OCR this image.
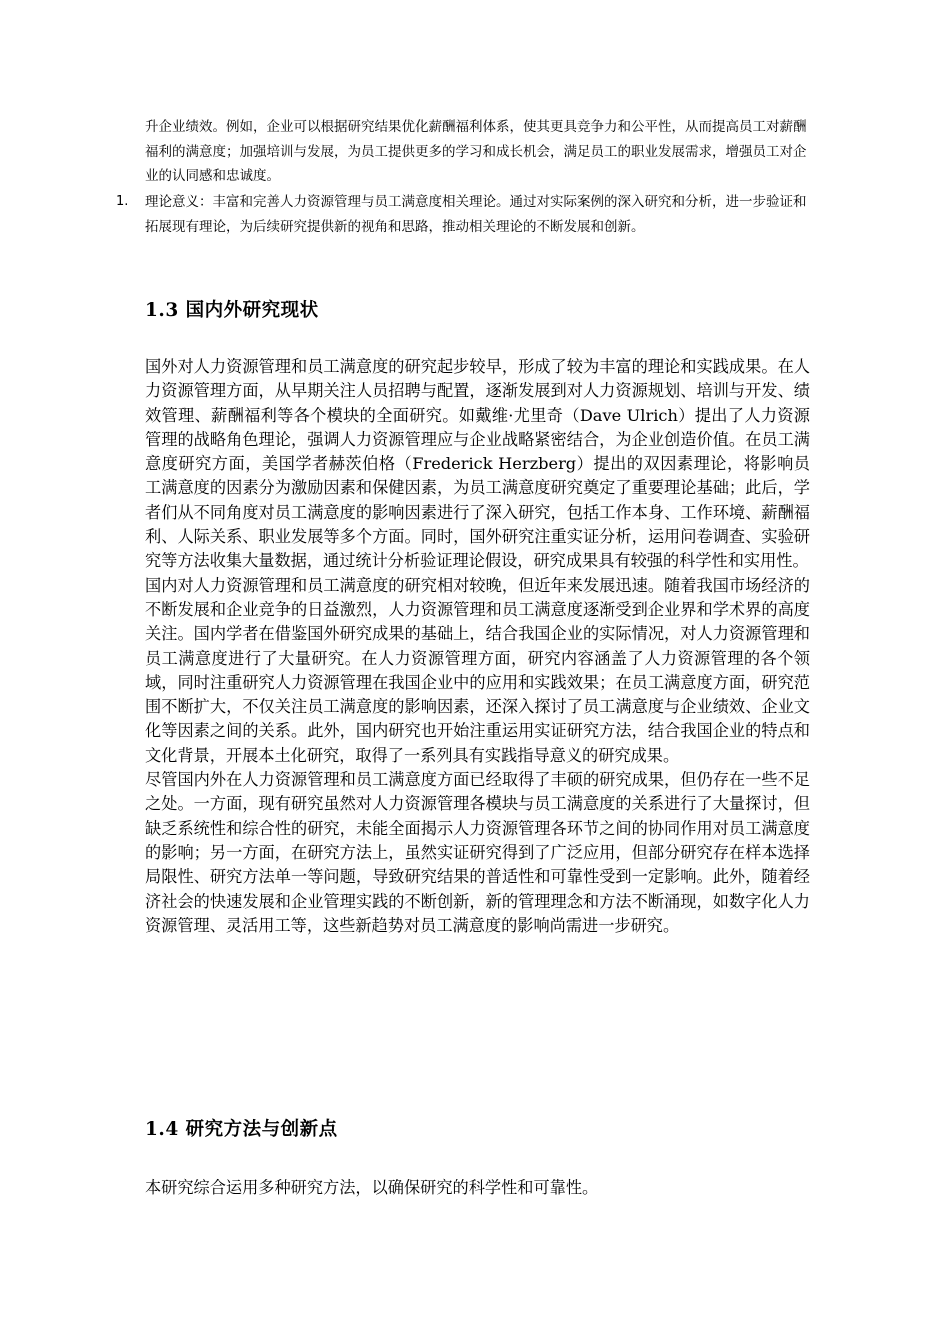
升企业绩效。例如，企业可以根据研究结果优化薪酬福利体系，使其更具竞争力和公平性，从而提高员工对薪酬福利的满意度；加强培训与发展，为员工提供更多的学习和成长机会，满足员工的职业发展需求，增强员工对企业的认同感和忠诚度。

1. 理论意义：丰富和完善人力资源管理与员工满意度相关理论。通过对实际案例的深入研究和分析，进一步验证和拓展现有理论，为后续研究提供新的视角和思路，推动相关理论的不断发展和创新。
1.3 国内外研究现状

国外对人力资源管理和员工满意度的研究起步较早，形成了较为丰富的理论和实践成果。在人力资源管理方面，从早期关注人员招聘与配置，逐渐发展到对人力资源规划、培训与开发、绩效管理、薪酬福利等各个模块的全面研究。如戴维·尤里奇（Dave Ulrich）提出了人力资源管理的战略角色理论，强调人力资源管理应与企业战略紧密结合，为企业创造价值。在员工满意度研究方面，美国学者赫茨伯格（Frederick Herzberg）提出的双因素理论，将影响员工满意度的因素分为激励因素和保健因素，为员工满意度研究奠定了重要理论基础；此后，学者们从不同角度对员工满意度的影响因素进行了深入研究，包括工作本身、工作环境、薪酬福利、人际关系、职业发展等多个方面。同时，国外研究注重实证分析，运用问卷调查、实验研究等方法收集大量数据，通过统计分析验证理论假设，研究成果具有较强的科学性和实用性。

国内对人力资源管理和员工满意度的研究相对较晚，但近年来发展迅速。随着我国市场经济的不断发展和企业竞争的日益激烈，人力资源管理和员工满意度逐渐受到企业界和学术界的高度关注。国内学者在借鉴国外研究成果的基础上，结合我国企业的实际情况，对人力资源管理和员工满意度进行了大量研究。在人力资源管理方面，研究内容涵盖了人力资源管理的各个领域，同时注重研究人力资源管理在我国企业中的应用和实践效果；在员工满意度方面，研究范围不断扩大，不仅关注员工满意度的影响因素，还深入探讨了员工满意度与企业绩效、企业文化等因素之间的关系。此外，国内研究也开始注重运用实证研究方法，结合我国企业的特点和文化背景，开展本土化研究，取得了一系列具有实践指导意义的研究成果。

尽管国内外在人力资源管理和员工满意度方面已经取得了丰硕的研究成果，但仍存在一些不足之处。一方面，现有研究虽然对人力资源管理各模块与员工满意度的关系进行了大量探讨，但缺乏系统性和综合性的研究，未能全面揭示人力资源管理各环节之间的协同作用对员工满意度的影响；另一方面，在研究方法上，虽然实证研究得到了广泛应用，但部分研究存在样本选择局限性、研究方法单一等问题，导致研究结果的普适性和可靠性受到一定影响。此外，随着经济社会的快速发展和企业管理实践的不断创新，新的管理理念和方法不断涌现，如数字化人力资源管理、灵活用工等，这些新趋势对员工满意度的影响尚需进一步研究。

1.4 研究方法与创新点

本研究综合运用多种研究方法，以确保研究的科学性和可靠性。
